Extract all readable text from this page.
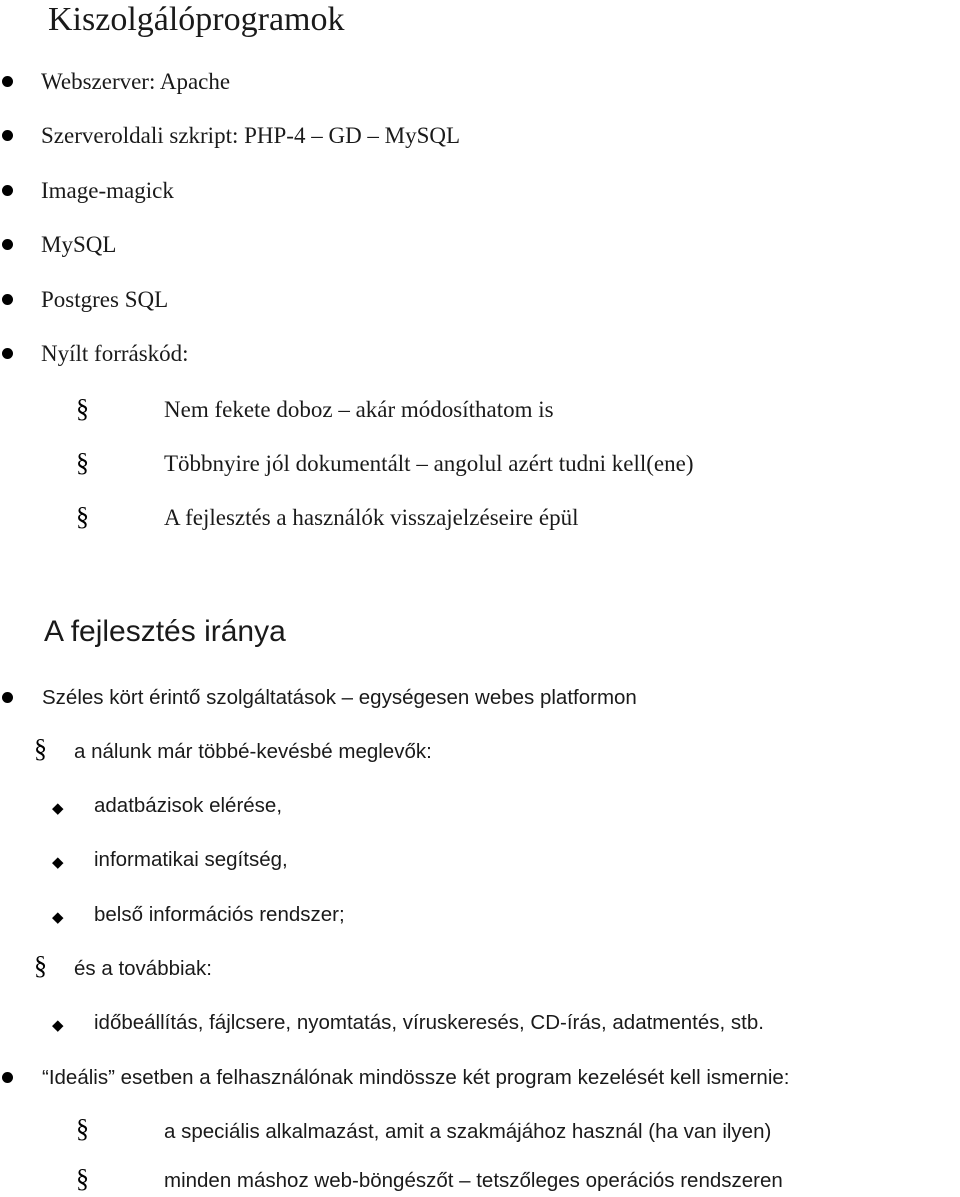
Kiszolgálóprogramok
Webszerver: Apache
Szerveroldali szkript: PHP-4 – GD – MySQL
Image-magick
MySQL
Postgres SQL
Nyílt forráskód:
§	Nem fekete doboz – akár módosíthatom is
§	Többnyire jól dokumentált – angolul azért tudni kell(ene)
§	A fejlesztés a használók visszajelzéseire épül
A fejlesztés iránya
Széles kört érintő szolgáltatások – egységesen webes platformon
§ a nálunk már többé-kevésbé meglevők:
◆ adatbázisok elérése,
◆ informatikai segítség,
◆ belső információs rendszer;
§ és a továbbiak:
◆ időbeállítás, fájlcsere, nyomtatás, víruskeresés, CD-írás, adatmentés, stb.
“Ideális” esetben a felhasználónak mindössze két program kezelését kell ismernie:
§	a speciális alkalmazást, amit a szakmájához használ (ha van ilyen)
§	minden máshoz web-böngészőt – tetszőleges operációs rendszeren
